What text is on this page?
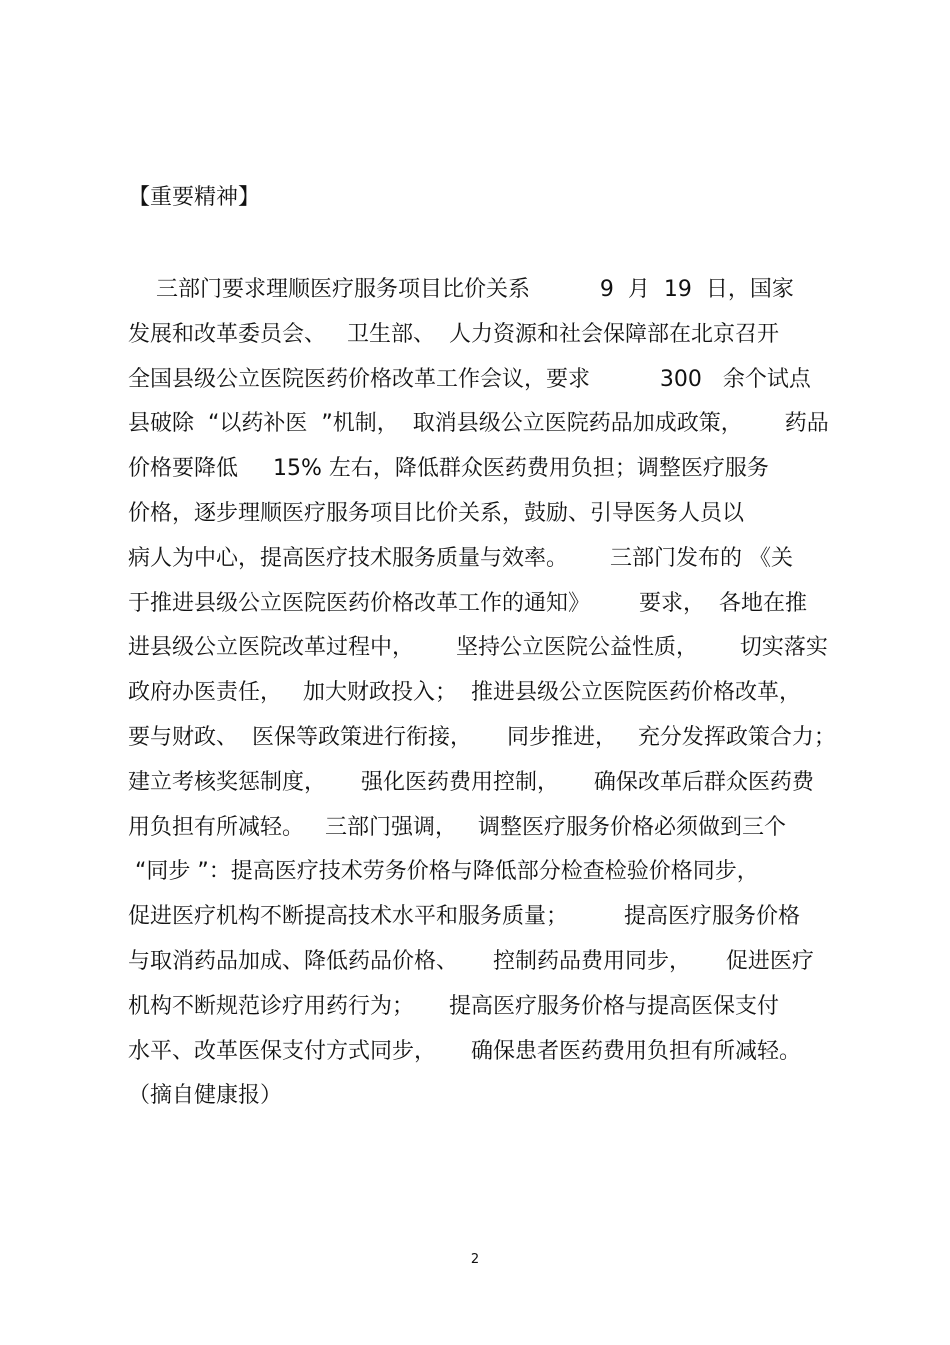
【重要精神】
三部门要求理顺医疗服务项目比价关系          9  月  19  日，国家
发展和改革委员会、   卫生部、  人力资源和社会保障部在北京召开
全国县级公立医院医药价格改革工作会议，要求          300   余个试点
县破除  “以药补医  ”机制，  取消县级公立医院药品加成政策，      药品
价格要降低     15% 左右，降低群众医药费用负担；调整医疗服务
价格，逐步理顺医疗服务项目比价关系，鼓励、引导医务人员以
病人为中心，提高医疗技术服务质量与效率。      三部门发布的 《关
于推进县级公立医院医药价格改革工作的通知》       要求，  各地在推
进县级公立医院改革过程中，      坚持公立医院公益性质，      切实落实
政府办医责任，   加大财政投入；  推进县级公立医院医药价格改革，
要与财政、  医保等政策进行衔接，     同步推进，   充分发挥政策合力；
建立考核奖惩制度，     强化医药费用控制，     确保改革后群众医药费
用负担有所减轻。   三部门强调，   调整医疗服务价格必须做到三个
“同步 ”：提高医疗技术劳务价格与降低部分检查检验价格同步，
促进医疗机构不断提高技术水平和服务质量；        提高医疗服务价格
与取消药品加成、降低药品价格、     控制药品费用同步，     促进医疗
机构不断规范诊疗用药行为；     提高医疗服务价格与提高医保支付
水平、改革医保支付方式同步，     确保患者医药费用负担有所减轻。
（摘自健康报）
2
